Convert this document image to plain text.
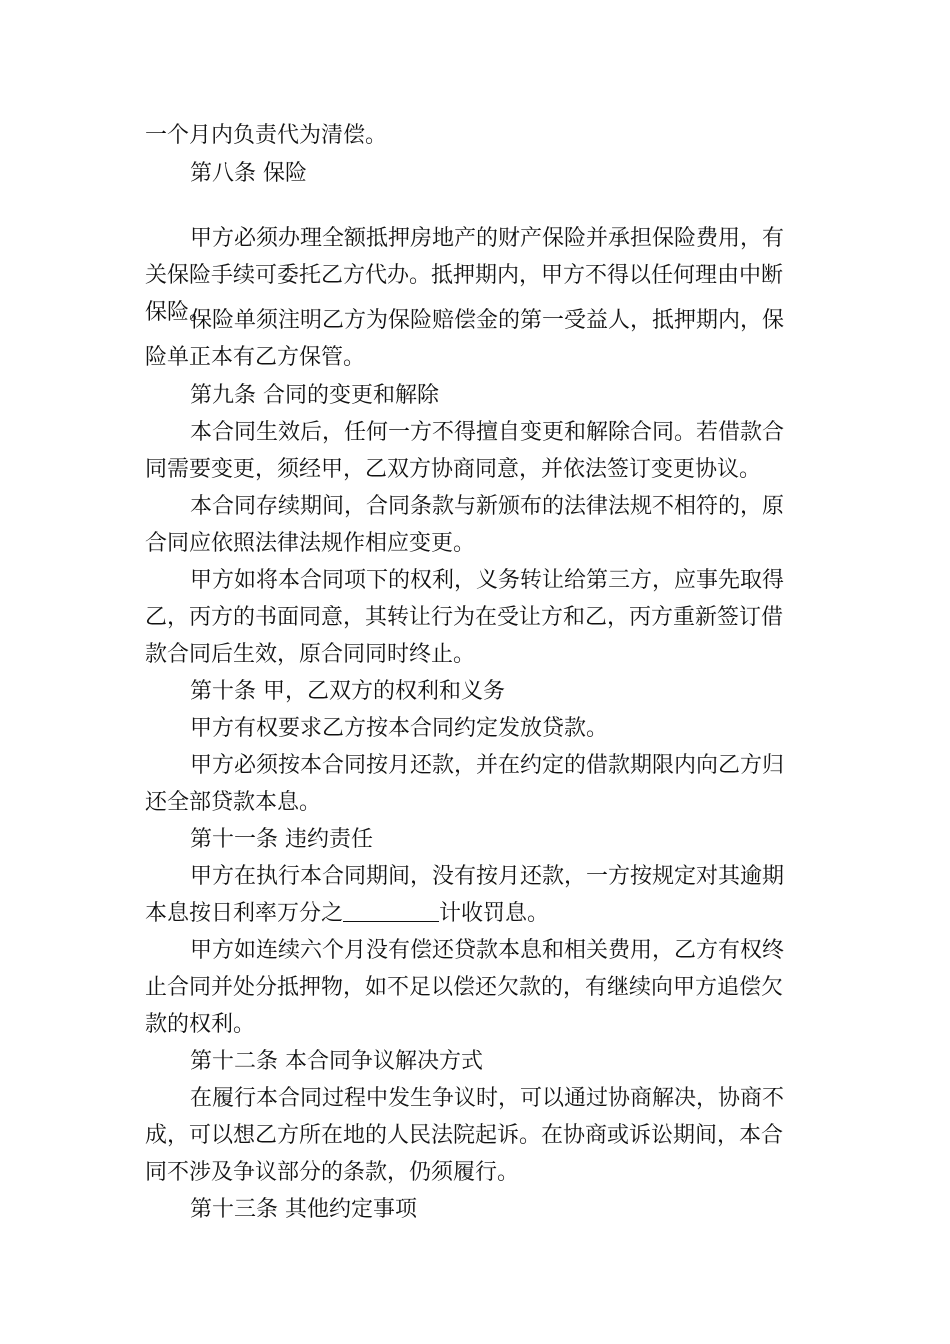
一个月内负责代为清偿。
第八条 保险
甲方必须办理全额抵押房地产的财产保险并承担保险费用，有
关保险手续可委托乙方代办。抵押期内，甲方不得以任何理由中断
保险。
保险单须注明乙方为保险赔偿金的第一受益人，抵押期内，保
险单正本有乙方保管。
第九条 合同的变更和解除
本合同生效后，任何一方不得擅自变更和解除合同。若借款合
同需要变更，须经甲，乙双方协商同意，并依法签订变更协议。
本合同存续期间，合同条款与新颁布的法律法规不相符的，原
合同应依照法律法规作相应变更。
甲方如将本合同项下的权利，义务转让给第三方，应事先取得
乙，丙方的书面同意，其转让行为在受让方和乙，丙方重新签订借
款合同后生效，原合同同时终止。
第十条 甲，乙双方的权利和义务
甲方有权要求乙方按本合同约定发放贷款。
甲方必须按本合同按月还款，并在约定的借款期限内向乙方归
还全部贷款本息。
第十一条 违约责任
甲方在执行本合同期间，没有按月还款，一方按规定对其逾期
本息按日利率万分之	计收罚息。
甲方如连续六个月没有偿还贷款本息和相关费用，乙方有权终
止合同并处分抵押物，如不足以偿还欠款的，有继续向甲方追偿欠
款的权利。
第十二条 本合同争议解决方式
在履行本合同过程中发生争议时，可以通过协商解决，协商不
成，可以想乙方所在地的人民法院起诉。在协商或诉讼期间，本合
同不涉及争议部分的条款，仍须履行。
第十三条 其他约定事项
